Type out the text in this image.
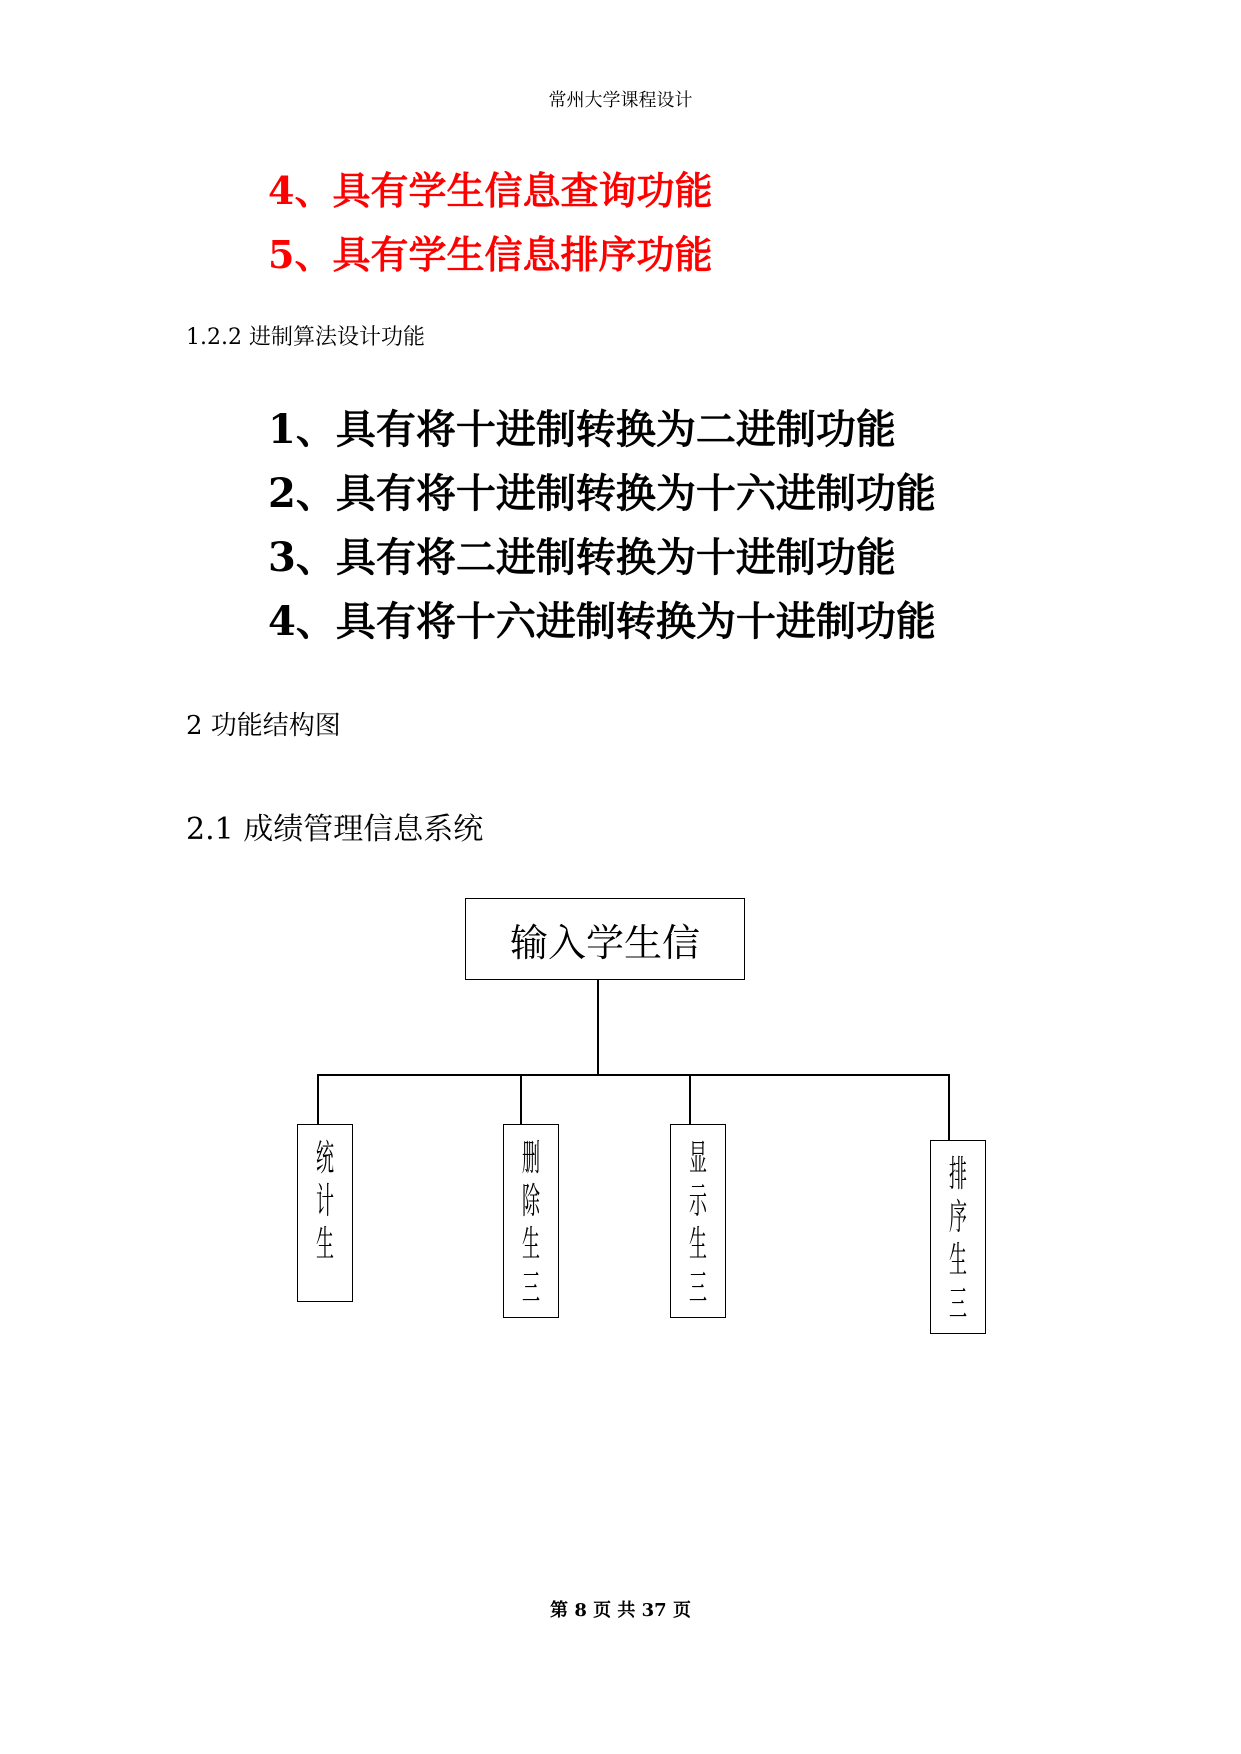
常州大学课程设计
4、具有学生信息查询功能
5、具有学生信息排序功能
1.2.2 进制算法设计功能
1、具有将十进制转换为二进制功能
2、具有将十进制转换为十六进制功能
3、具有将二进制转换为十进制功能
4、具有将十六进制转换为十进制功能
2 功能结构图
2.1 成绩管理信息系统
输入学生信
统
计
生
删
除
生
三
显
示
生
三
排
序
生
三
第 8 页 共 37 页
